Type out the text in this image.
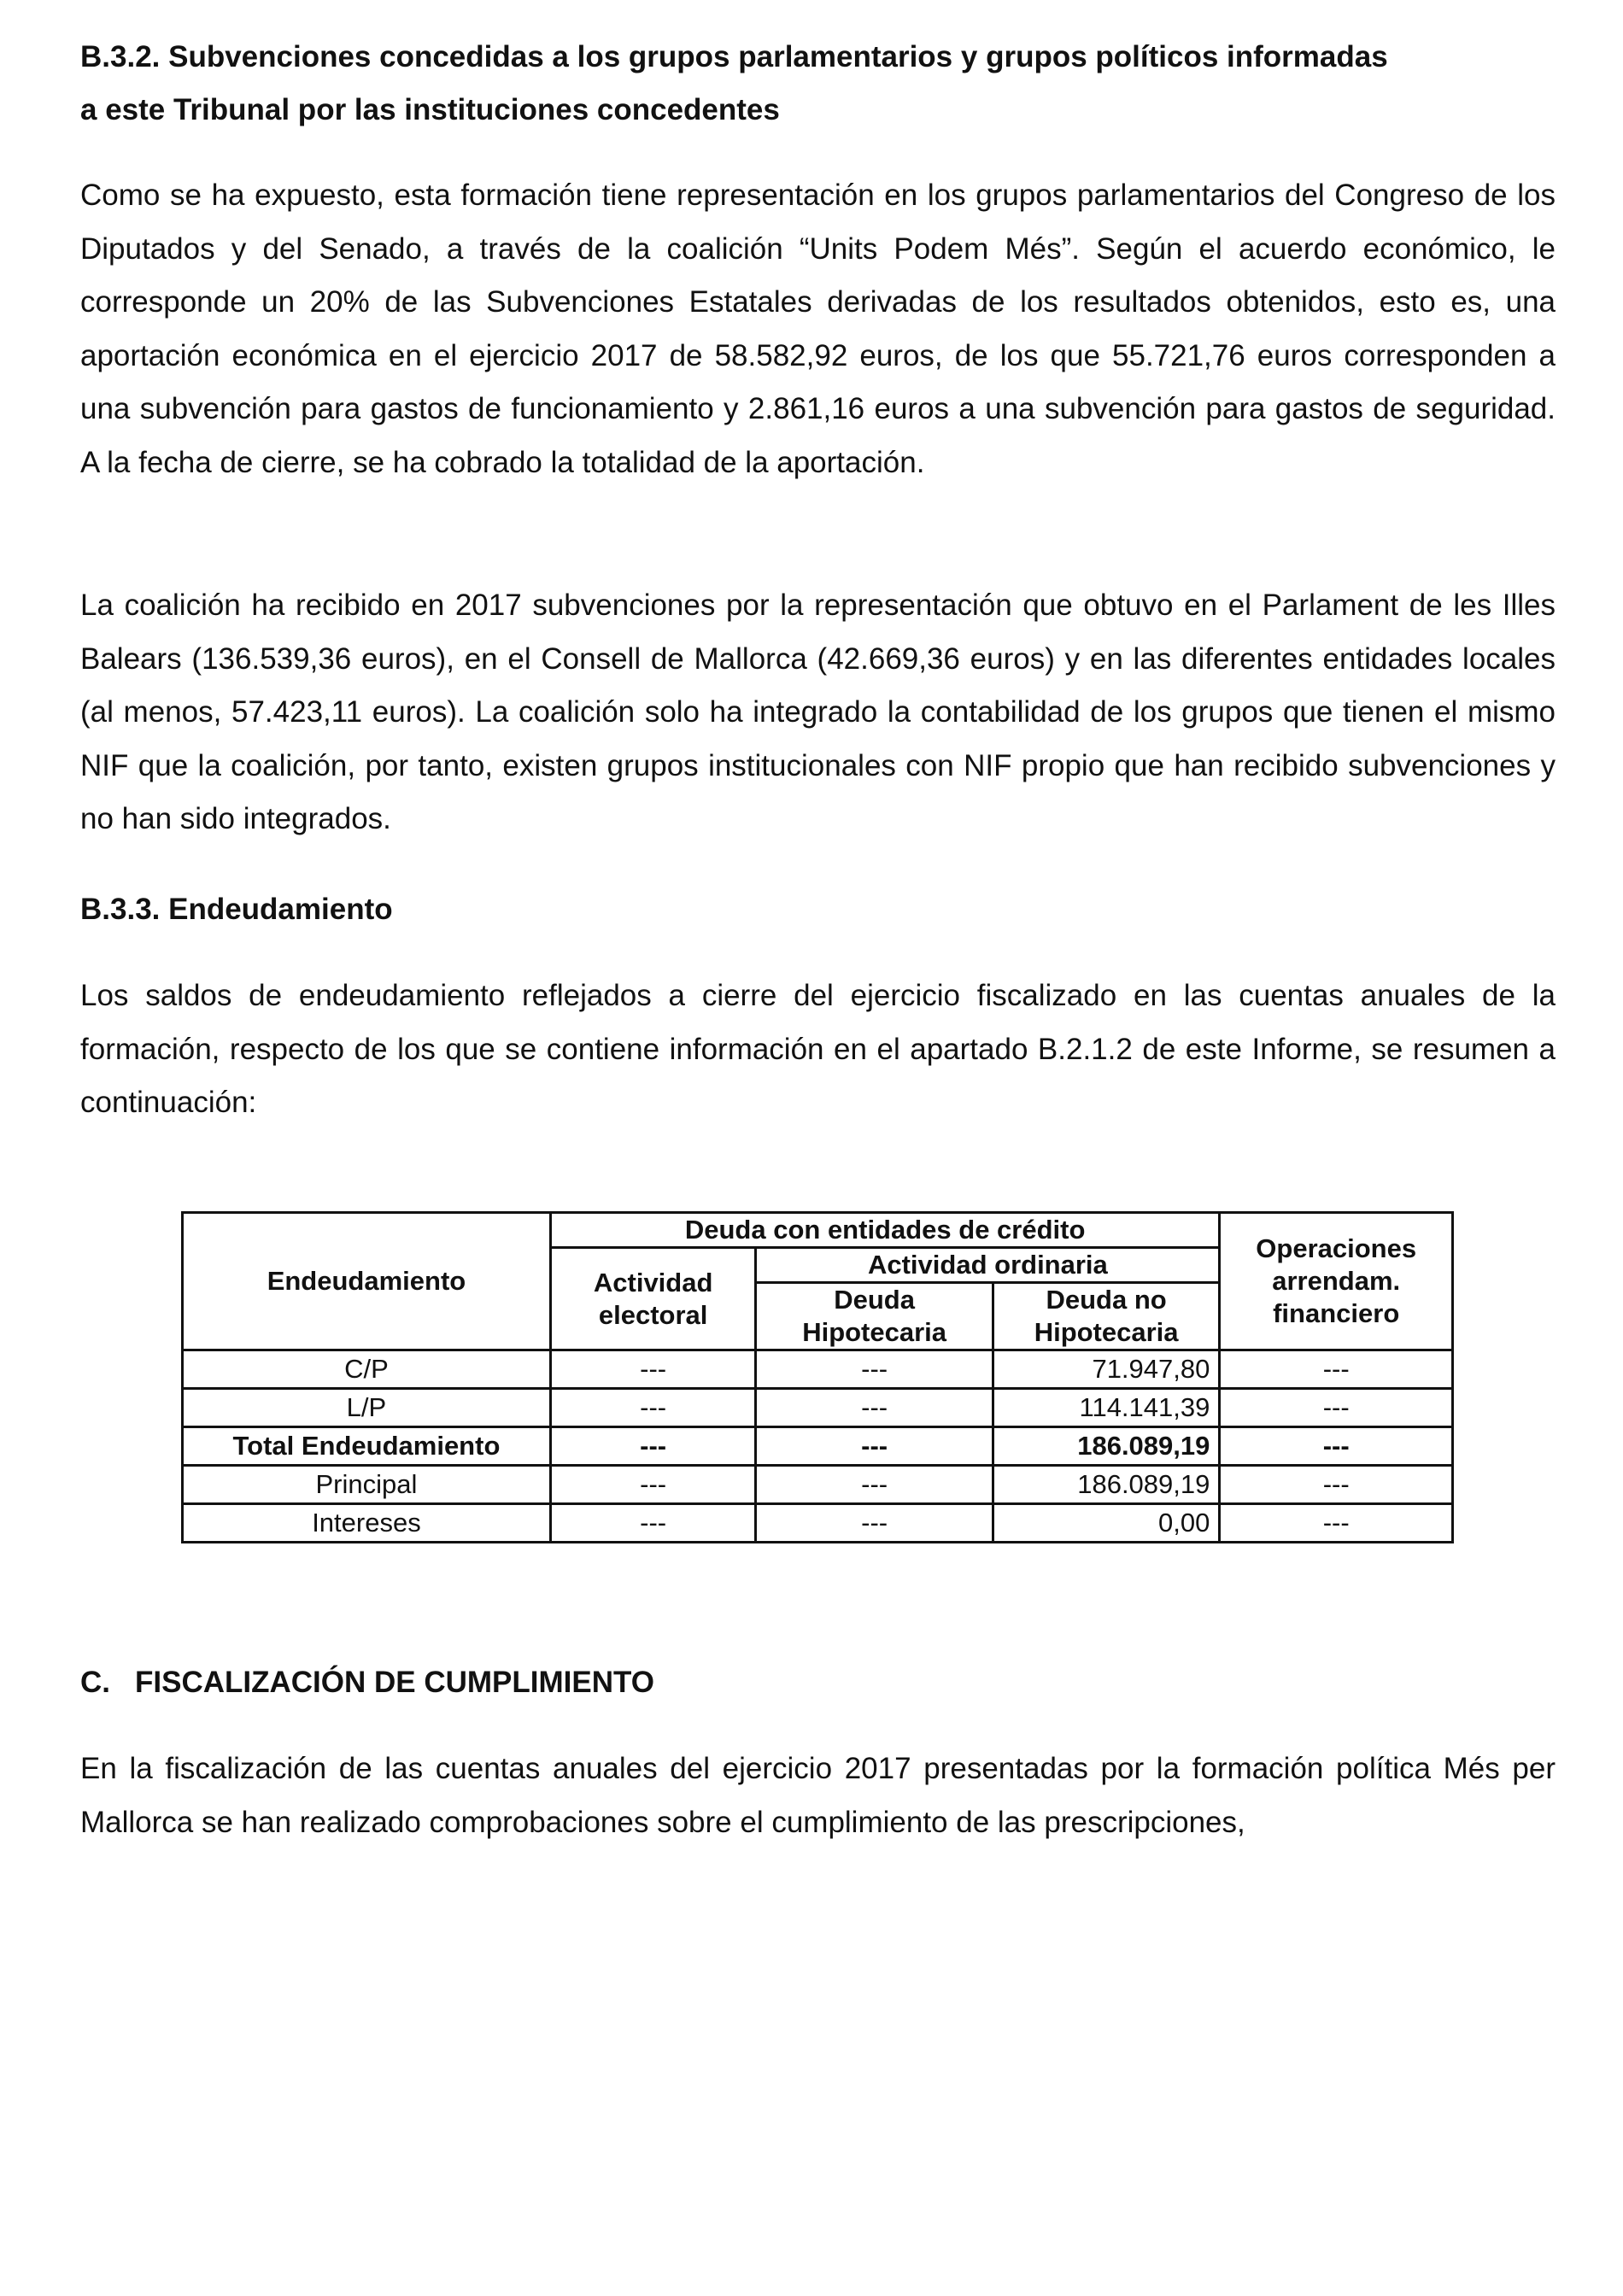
B.3.2. Subvenciones concedidas a los grupos parlamentarios y grupos políticos informadas
a este Tribunal por las instituciones concedentes

Como se ha expuesto, esta formación tiene representación en los grupos parlamentarios del Congreso de los Diputados y del Senado, a través de la coalición “Units Podem Més”. Según el acuerdo económico, le corresponde un 20% de las Subvenciones Estatales derivadas de los resultados obtenidos, esto es, una aportación económica en el ejercicio 2017 de 58.582,92 euros, de los que 55.721,76 euros corresponden a una subvención para gastos de funcionamiento y 2.861,16 euros a una subvención para gastos de seguridad. A la fecha de cierre, se ha cobrado la totalidad de la aportación.

La coalición ha recibido en 2017 subvenciones por la representación que obtuvo en el Parlament de les Illes Balears (136.539,36 euros), en el Consell de Mallorca (42.669,36 euros) y en las diferentes entidades locales (al menos, 57.423,11 euros). La coalición solo ha integrado la contabilidad de los grupos que tienen el mismo NIF que la coalición, por tanto, existen grupos institucionales con NIF propio que han recibido subvenciones y no han sido integrados.

B.3.3. Endeudamiento

Los saldos de endeudamiento reflejados a cierre del ejercicio fiscalizado en las cuentas anuales de la formación, respecto de los que se contiene información en el apartado B.2.1.2 de este Informe, se resumen a continuación:

Endeudamiento	Deuda con entidades de crédito			Operaciones arrendam. financiero
	Actividad electoral	Actividad ordinaria		
		Deuda Hipotecaria	Deuda no Hipotecaria	
C/P	---	---	71.947,80	---
L/P	---	---	114.141,39	---
Total Endeudamiento	---	---	186.089,19	---
Principal	---	---	186.089,19	---
Intereses	---	---	0,00	---
C. FISCALIZACIÓN DE CUMPLIMIENTO

En la fiscalización de las cuentas anuales del ejercicio 2017 presentadas por la formación política Més per Mallorca se han realizado comprobaciones sobre el cumplimiento de las prescripciones,
